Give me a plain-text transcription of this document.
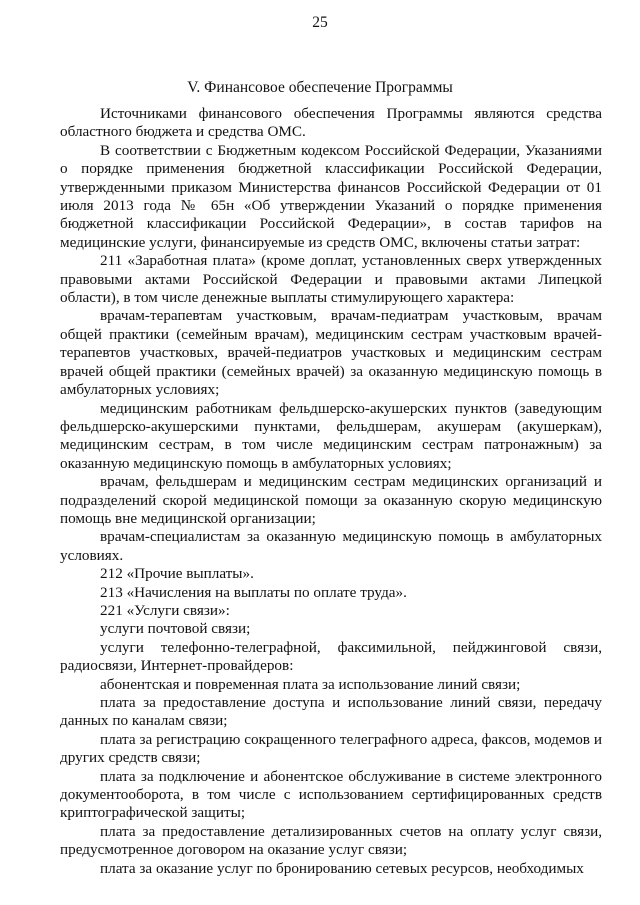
25
V. Финансовое обеспечение Программы

Источниками финансового обеспечения Программы являются средства областного бюджета и средства ОМС.

В соответствии с Бюджетным кодексом Российской Федерации, Указаниями о порядке применения бюджетной классификации Российской Федерации, утвержденными приказом Министерства финансов Российской Федерации от 01 июля 2013 года № 65н «Об утверждении Указаний о порядке применения бюджетной классификации Российской Федерации», в состав тарифов на медицинские услуги, финансируемые из средств ОМС, включены статьи затрат:

211 «Заработная плата» (кроме доплат, установленных сверх утвержденных правовыми актами Российской Федерации и правовыми актами Липецкой области), в том числе денежные выплаты стимулирующего характера:

врачам-терапевтам участковым, врачам-педиатрам участковым, врачам общей практики (семейным врачам), медицинским сестрам участковым врачей-терапевтов участковых, врачей-педиатров участковых и медицинским сестрам врачей общей практики (семейных врачей) за оказанную медицинскую помощь в амбулаторных условиях;

медицинским работникам фельдшерско-акушерских пунктов (заведующим фельдшерско-акушерскими пунктами, фельдшерам, акушерам (акушеркам), медицинским сестрам, в том числе медицинским сестрам патронажным) за оказанную медицинскую помощь в амбулаторных условиях;

врачам, фельдшерам и медицинским сестрам медицинских организаций и подразделений скорой медицинской помощи за оказанную скорую медицинскую помощь вне медицинской организации;

врачам-специалистам за оказанную медицинскую помощь в амбулаторных условиях.

212 «Прочие выплаты».

213 «Начисления на выплаты по оплате труда».

221 «Услуги связи»:

услуги почтовой связи;

услуги телефонно-телеграфной, факсимильной, пейджинговой связи, радиосвязи, Интернет-провайдеров:

абонентская и повременная плата за использование линий связи;

плата за предоставление доступа и использование линий связи, передачу данных по каналам связи;

плата за регистрацию сокращенного телеграфного адреса, факсов, модемов и других средств связи;

плата за подключение и абонентское обслуживание в системе электронного документооборота, в том числе с использованием сертифицированных средств криптографической защиты;

плата за предоставление детализированных счетов на оплату услуг связи, предусмотренное договором на оказание услуг связи;

плата за оказание услуг по бронированию сетевых ресурсов, необходимых
